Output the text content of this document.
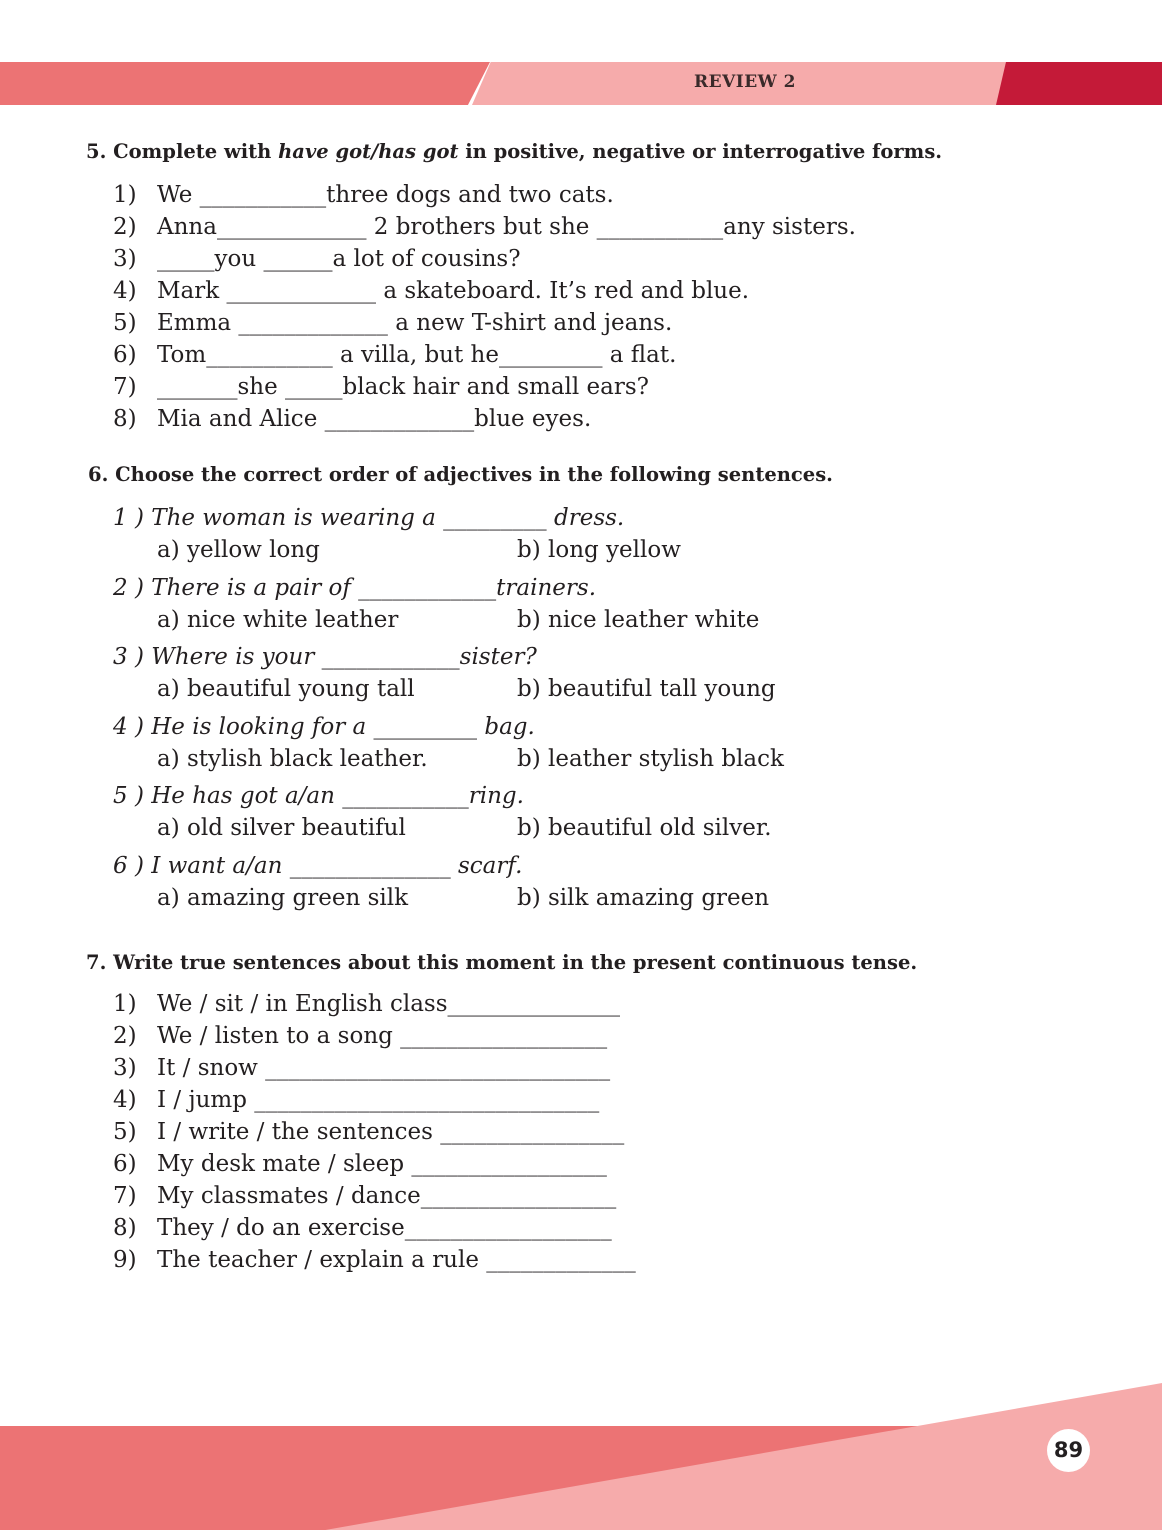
REVIEW 2
5. Complete with have got/has got in positive, negative or interrogative forms.
1) We ___________three dogs and two cats.
2) Anna_____________ 2 brothers but she ___________any sisters.
3) _____you ______a lot of cousins?
4) Mark _____________ a skateboard. It’s red and blue.
5) Emma _____________ a new T-shirt and jeans.
6) Tom___________ a villa, but he_________ a flat.
7) _______she _____black hair and small ears?
8) Mia and Alice _____________blue eyes.
6. Choose the correct order of adjectives in the following sentences.
1 ) The woman is wearing a _________ dress.
a) yellow long	b) long yellow
2 ) There is a pair of ____________trainers.
a) nice white leather	b) nice leather white
3 ) Where is your ____________sister?
a) beautiful young tall	b) beautiful tall young
4 ) He is looking for a _________ bag.
a) stylish black leather.	b) leather stylish black
5 ) He has got a/an ___________ring.
a) old silver beautiful	b) beautiful old silver.
6 ) I want a/an ______________ scarf.
a) amazing green silk	b) silk amazing green
7. Write true sentences about this moment in the present continuous tense.
1) We / sit / in English class_______________
2) We / listen to a song __________________
3) It / snow ______________________________
4) I / jump ______________________________
5) I / write / the sentences ________________
6) My desk mate / sleep _________________
7) My classmates / dance_________________
8) They / do an exercise__________________
9) The teacher / explain a rule _____________
89
